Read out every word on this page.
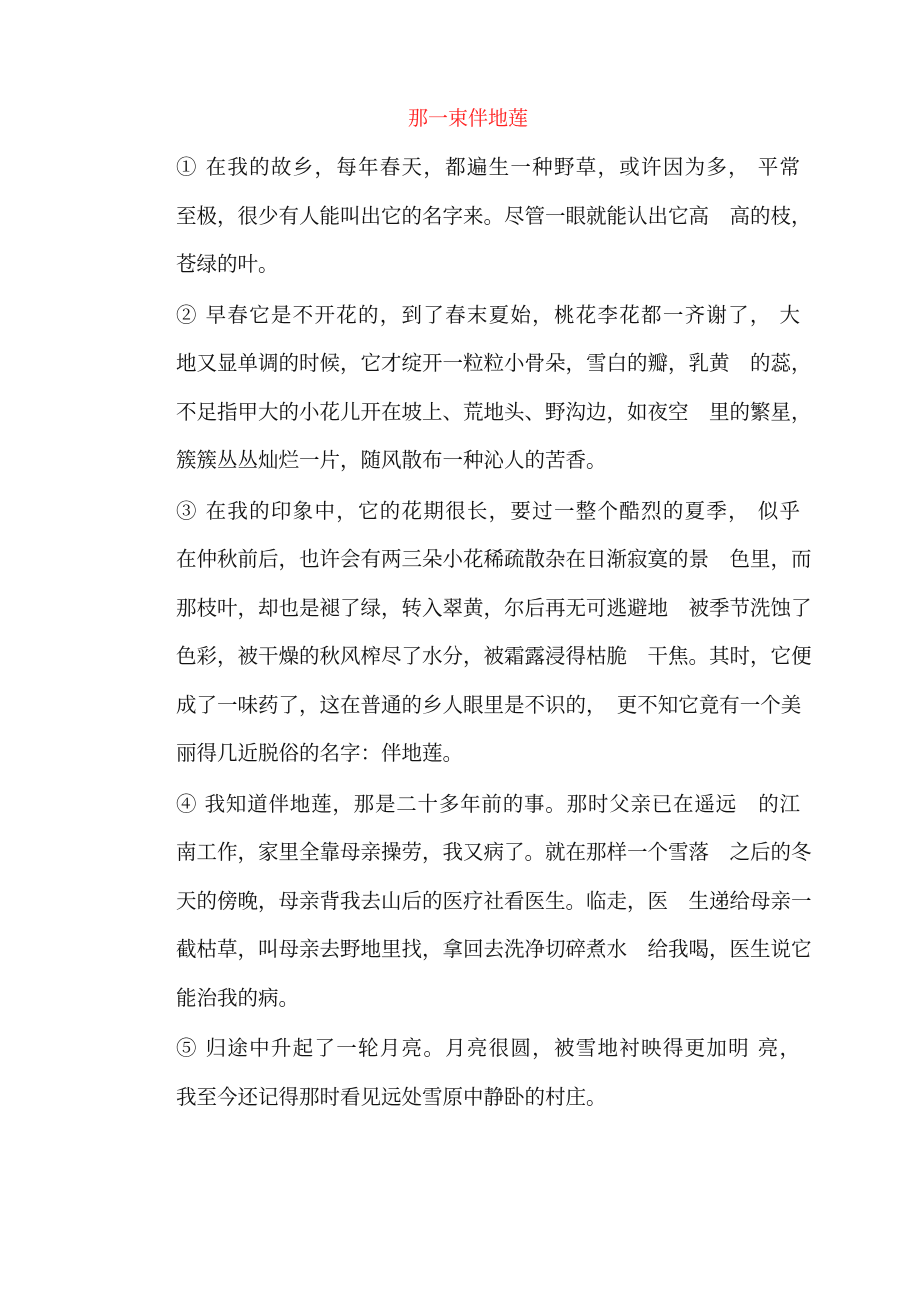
那一束伴地莲
① 在我的故乡，每年春天，都遍生一种野草，或许因为多， 平常
至极，很少有人能叫出它的名字来。尽管一眼就能认出它高　高的枝，
苍绿的叶。
② 早春它是不开花的，到了春末夏始，桃花李花都一齐谢了， 大
地又显单调的时候，它才绽开一粒粒小骨朵，雪白的瓣，乳黄　的蕊，
不足指甲大的小花儿开在坡上、荒地头、野沟边，如夜空　里的繁星，
簇簇丛丛灿烂一片，随风散布一种沁人的苦香。
③ 在我的印象中，它的花期很长，要过一整个酷烈的夏季， 似乎
在仲秋前后，也许会有两三朵小花稀疏散杂在日渐寂寞的景　色里，而
那枝叶，却也是褪了绿，转入翠黄，尔后再无可逃避地　被季节洗蚀了
色彩，被干燥的秋风榨尽了水分，被霜露浸得枯脆　干焦。其时，它便
成了一味药了，这在普通的乡人眼里是不识的，　更不知它竟有一个美
丽得几近脱俗的名字：伴地莲。
④ 我知道伴地莲，那是二十多年前的事。那时父亲已在遥远　的江
南工作，家里全靠母亲操劳，我又病了。就在那样一个雪落　之后的冬
天的傍晚，母亲背我去山后的医疗社看医生。临走，医　生递给母亲一
截枯草，叫母亲去野地里找，拿回去洗净切碎煮水　给我喝，医生说它
能治我的病。
⑤ 归途中升起了一轮月亮。月亮很圆，被雪地衬映得更加明 亮，
我至今还记得那时看见远处雪原中静卧的村庄。
